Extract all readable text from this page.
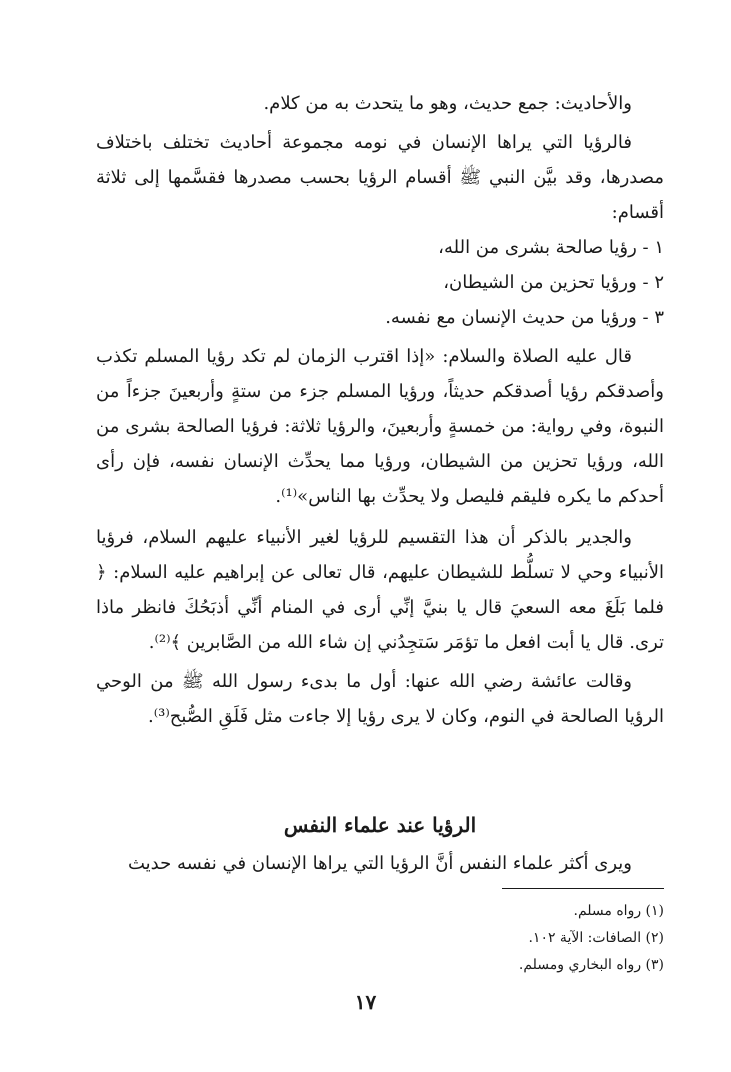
والأحاديث: جمع حديث، وهو ما يتحدث به من كلام.

فالرؤيا التي يراها الإنسان في نومه مجموعة أحاديث تختلف باختلاف مصدرها، وقد بيَّن النبي ﷺ أقسام الرؤيا بحسب مصدرها فقسَّمها إلى ثلاثة أقسام:

١ - رؤيا صالحة بشرى من الله،

٢ - ورؤيا تحزين من الشيطان،

٣ - ورؤيا من حديث الإنسان مع نفسه.

قال عليه الصلاة والسلام: «إذا اقترب الزمان لم تكد رؤيا المسلم تكذب وأصدقكم رؤيا أصدقكم حديثاً، ورؤيا المسلم جزء من ستةٍ وأربعينَ جزءاً من النبوة، وفي رواية: من خمسةٍ وأربعينَ، والرؤيا ثلاثة: فرؤيا الصالحة بشرى من الله، ورؤيا تحزين من الشيطان، ورؤيا مما يحدِّث الإنسان نفسه، فإن رأى أحدكم ما يكره فليقم فليصل ولا يحدِّث بها الناس»⁽¹⁾.

والجدير بالذكر أن هذا التقسيم للرؤيا لغير الأنبياء عليهم السلام، فرؤيا الأنبياء وحي لا تسلُّط للشيطان عليهم، قال تعالى عن إبراهيم عليه السلام: ﴿ فلما بَلَغَ معه السعيَ قال يا بنيَّ إنِّي أرى في المنام أنِّي أذبَحُكَ فانظر ماذا ترى. قال يا أبت افعل ما تؤمَر سَتجِدُني إن شاء الله من الصَّابرين ﴾⁽²⁾.

وقالت عائشة رضي الله عنها: أول ما بدىء رسول الله ﷺ من الوحي الرؤيا الصالحة في النوم، وكان لا يرى رؤيا إلا جاءت مثل فَلَقِ الصُّبح⁽³⁾.

الرؤيا عند علماء النفس

ويرى أكثر علماء النفس أنَّ الرؤيا التي يراها الإنسان في نفسه حديث

(١) رواه مسلم.
(٢) الصافات: الآية ١٠٢.
(٣) رواه البخاري ومسلم.
١٧
